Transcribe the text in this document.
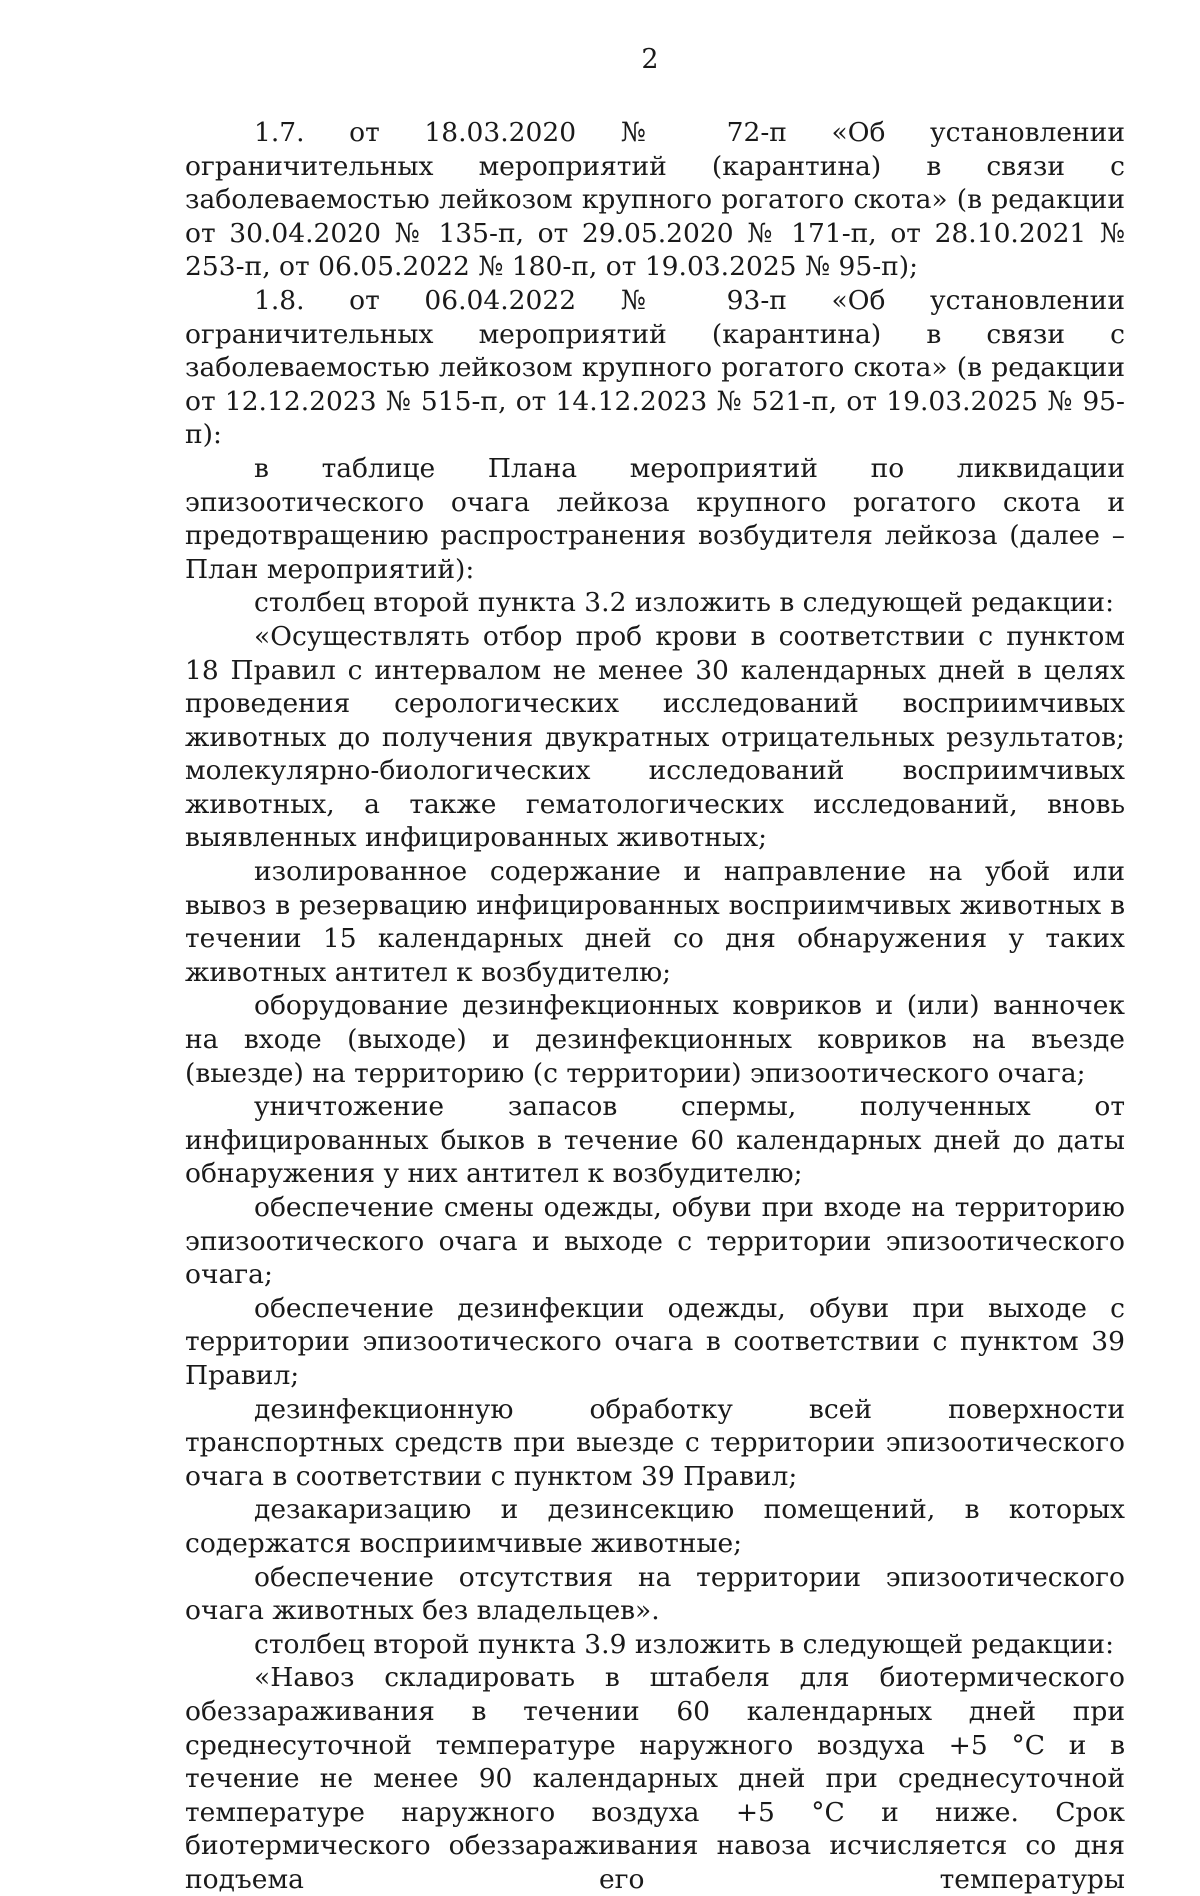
2

1.7. от 18.03.2020 № 72-п «Об установлении ограничительных мероприятий (карантина) в связи с заболеваемостью лейкозом крупного рогатого скота» (в редакции от 30.04.2020 № 135-п, от 29.05.2020 № 171-п, от 28.10.2021 № 253-п, от 06.05.2022 № 180-п, от 19.03.2025 № 95-п);

1.8. от 06.04.2022 № 93-п «Об установлении ограничительных мероприятий (карантина) в связи с заболеваемостью лейкозом крупного рогатого скота» (в редакции от 12.12.2023 № 515-п, от 14.12.2023 № 521-п, от 19.03.2025 № 95-п):

в таблице Плана мероприятий по ликвидации эпизоотического очага лейкоза крупного рогатого скота и предотвращению распространения возбудителя лейкоза (далее – План мероприятий):

столбец второй пункта 3.2 изложить в следующей редакции:

«Осуществлять отбор проб крови в соответствии с пунктом 18 Правил с интервалом не менее 30 календарных дней в целях проведения серологических исследований восприимчивых животных до получения двукратных отрицательных результатов; молекулярно-биологических исследований восприимчивых животных, а также гематологических исследований, вновь выявленных инфицированных животных;

изолированное содержание и направление на убой или вывоз в резервацию инфицированных восприимчивых животных в течении 15 календарных дней со дня обнаружения у таких животных антител к возбудителю;

оборудование дезинфекционных ковриков и (или) ванночек на входе (выходе) и дезинфекционных ковриков на въезде (выезде) на территорию (с территории) эпизоотического очага;

уничтожение запасов спермы, полученных от инфицированных быков в течение 60 календарных дней до даты обнаружения у них антител к возбудителю;

обеспечение смены одежды, обуви при входе на территорию эпизоотического очага и выходе с территории эпизоотического очага;

обеспечение дезинфекции одежды, обуви при выходе с территории эпизоотического очага в соответствии с пунктом 39 Правил;

дезинфекционную обработку всей поверхности транспортных средств при выезде с территории эпизоотического очага в соответствии с пунктом 39 Правил;

дезакаризацию и дезинсекцию помещений, в которых содержатся восприимчивые животные;

обеспечение отсутствия на территории эпизоотического очага животных без владельцев».

столбец второй пункта 3.9 изложить в следующей редакции:

«Навоз складировать в штабеля для биотермического обеззараживания в течении 60 календарных дней при среднесуточной температуре наружного воздуха +5 °С и в течение не менее 90 календарных дней при среднесуточной температуре наружного воздуха +5 °С и ниже. Срок биотермического обеззараживания навоза исчисляется со дня подъема его температуры
